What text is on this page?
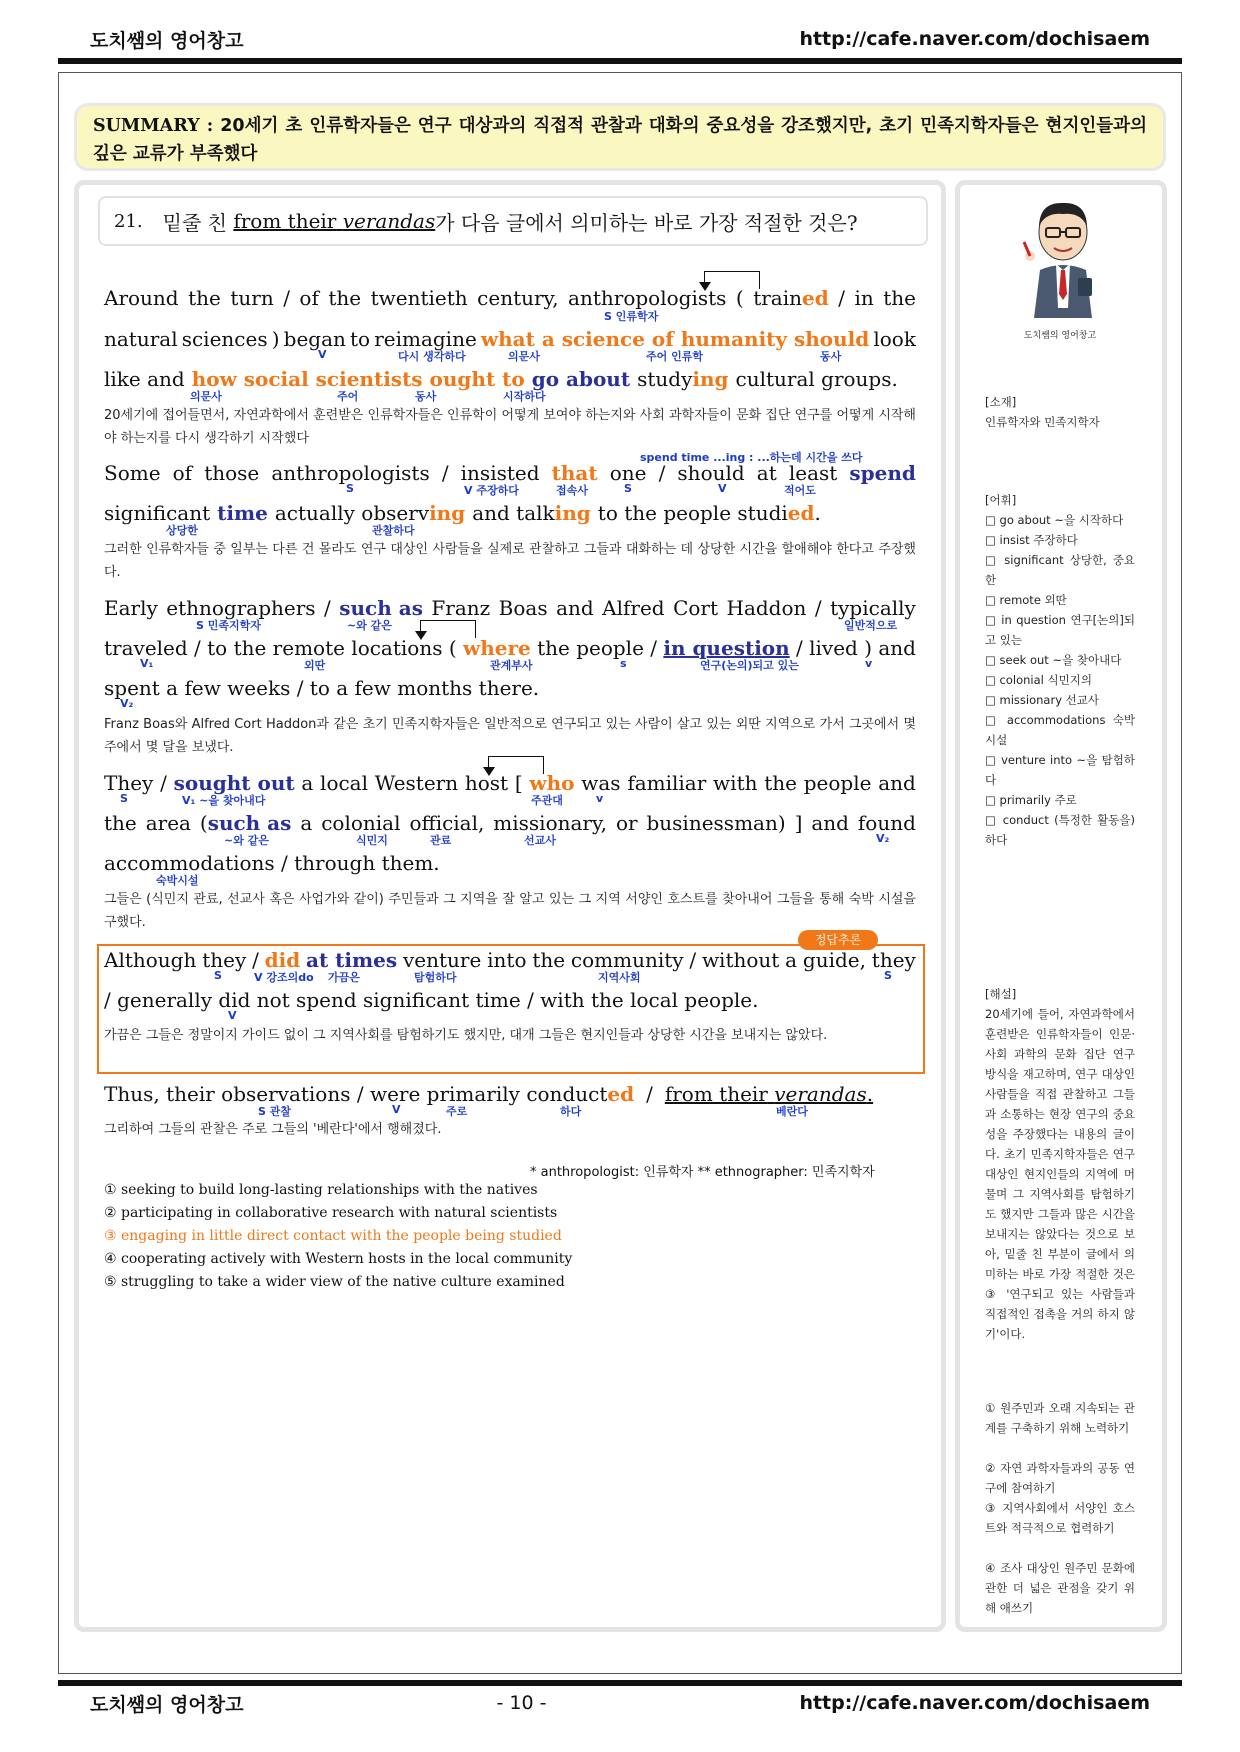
도치쌤의 영어창고	http://cafe.naver.com/dochisaem
SUMMARY : 20세기 초 인류학자들은 연구 대상과의 직접적 관찰과 대화의 중요성을 강조했지만, 초기 민족지학자들은 현지인들과의 깊은 교류가 부족했다
21. 밑줄 친
from their verandas 가 다음 글에서 의미하는 바로 가장 적절한 것은?
Around the turn / of the twentieth century, anthropologists ( trained / in the
S 인류학자
natural sciences ) began to reimagine what a science of humanity should look
V	다시 생각하다	의문사	주어 인류학	동사
like and how social scientists ought to go about studying cultural groups.
의문사	주어	동사	시작하다
20세기에 접어들면서, 자연과학에서 훈련받은 인류학자들은 인류학이 어떻게 보여야 하는지와 사회 과학자들이 문화 집단 연구를 어떻게 시작해야 하는지를 다시 생각하기 시작했다
spend time ...ing : ...하는데 시간을 쓰다
Some of those anthropologists / insisted that one / should at least spend
S	V 주장하다	접속사	S	V	적어도
significant time actually observing and talking to the people studied.
상당한	관찰하다
그러한 인류학자들 중 일부는 다른 건 몰라도 연구 대상인 사람들을 실제로 관찰하고 그들과 대화하는 데 상당한 시간을 할애해야 한다고 주장했다.
Early ethnographers / such as Franz Boas and Alfred Cort Haddon / typically
S 민족지학자	~와 같은	일반적으로
traveled / to the remote locations ( where the people / in question / lived ) and
V₁	외딴	관계부사	s	연구(논의)되고 있는	v
spent a few weeks / to a few months there.
V₂
Franz Boas와 Alfred Cort Haddon과 같은 초기 민족지학자들은 일반적으로 연구되고 있는 사람이 살고 있는 외딴 지역으로 가서 그곳에서 몇 주에서 몇 달을 보냈다.
They / sought out a local Western host [ who was familiar with the people and
S	V₁ ~을 찾아내다	주관대	v
the area (such as a colonial official, missionary, or businessman) ] and found
~와 같은	식민지	관료	선교사	V₂
accommodations / through them.
숙박시설
그들은 (식민지 관료, 선교사 혹은 사업가와 같이) 주민들과 그 지역을 잘 알고 있는 그 지역 서양인 호스트를 찾아내어 그들을 통해 숙박 시설을 구했다.
정답추론
Although they / did at times venture into the community / without a guide, they
S	V 강조의do 가끔은	탐험하다	지역사회	S
/ generally did not spend significant time / with the local people.
V
가끔은 그들은 정말이지 가이드 없이 그 지역사회를 탐험하기도 했지만, 대개 그들은 현지인들과 상당한 시간을 보내지는 않았다.
Thus, their observations / were primarily conduct ed / from their verandas.
S 관찰	V	주로	하다	베란다
그리하여 그들의 관찰은 주로 그들의 '베란다'에서 행해졌다.
* anthropologist: 인류학자 ** ethnographer: 민족지학자
① seeking to build long-lasting relationships with the natives
② participating in collaborative research with natural scientists
③ engaging in little direct contact with the people being studied
④ cooperating actively with Western hosts in the local community
⑤ struggling to take a wider view of the native culture examined
도치쌤의 영어창고
[소재]
인류학자와 민족지학자
[어휘]
□ go about ~을 시작하다
□ insist 주장하다
□ significant 상당한, 중요한
□ remote 외딴
□ in question 연구[논의]되고 있는
□ seek out ~을 찾아내다
□ colonial 식민지의
□ missionary 선교사
□ accommodations 숙박시설
□ venture into ~을 탐험하다
□ primarily 주로
□ conduct (특정한 활동을) 하다
[해설]
20세기에 들어, 자연과학에서 훈련받은 인류학자들이 인문·사회 과학의 문화 집단 연구 방식을 재고하며, 연구 대상인 사람들을 직접 관찰하고 그들과 소통하는 현장 연구의 중요성을 주장했다는 내용의 글이다. 초기 민족지학자들은 연구 대상인 현지인들의 지역에 머물며 그 지역사회를 탐험하기도 했지만 그들과 많은 시간을 보내지는 않았다는 것으로 보아, 밑줄 친 부분이 글에서 의미하는 바로 가장 적절한 것은 ③ '연구되고 있는 사람들과 직접적인 접촉을 거의 하지 않기'이다.
① 원주민과 오래 지속되는 관계를 구축하기 위해 노력하기
② 자연 과학자들과의 공동 연구에 참여하기
③ 지역사회에서 서양인 호스트와 적극적으로 협력하기
④ 조사 대상인 원주민 문화에 관한 더 넓은 관점을 갖기 위해 애쓰기
도치쌤의 영어창고	- 10 -	http://cafe.naver.com/dochisaem
